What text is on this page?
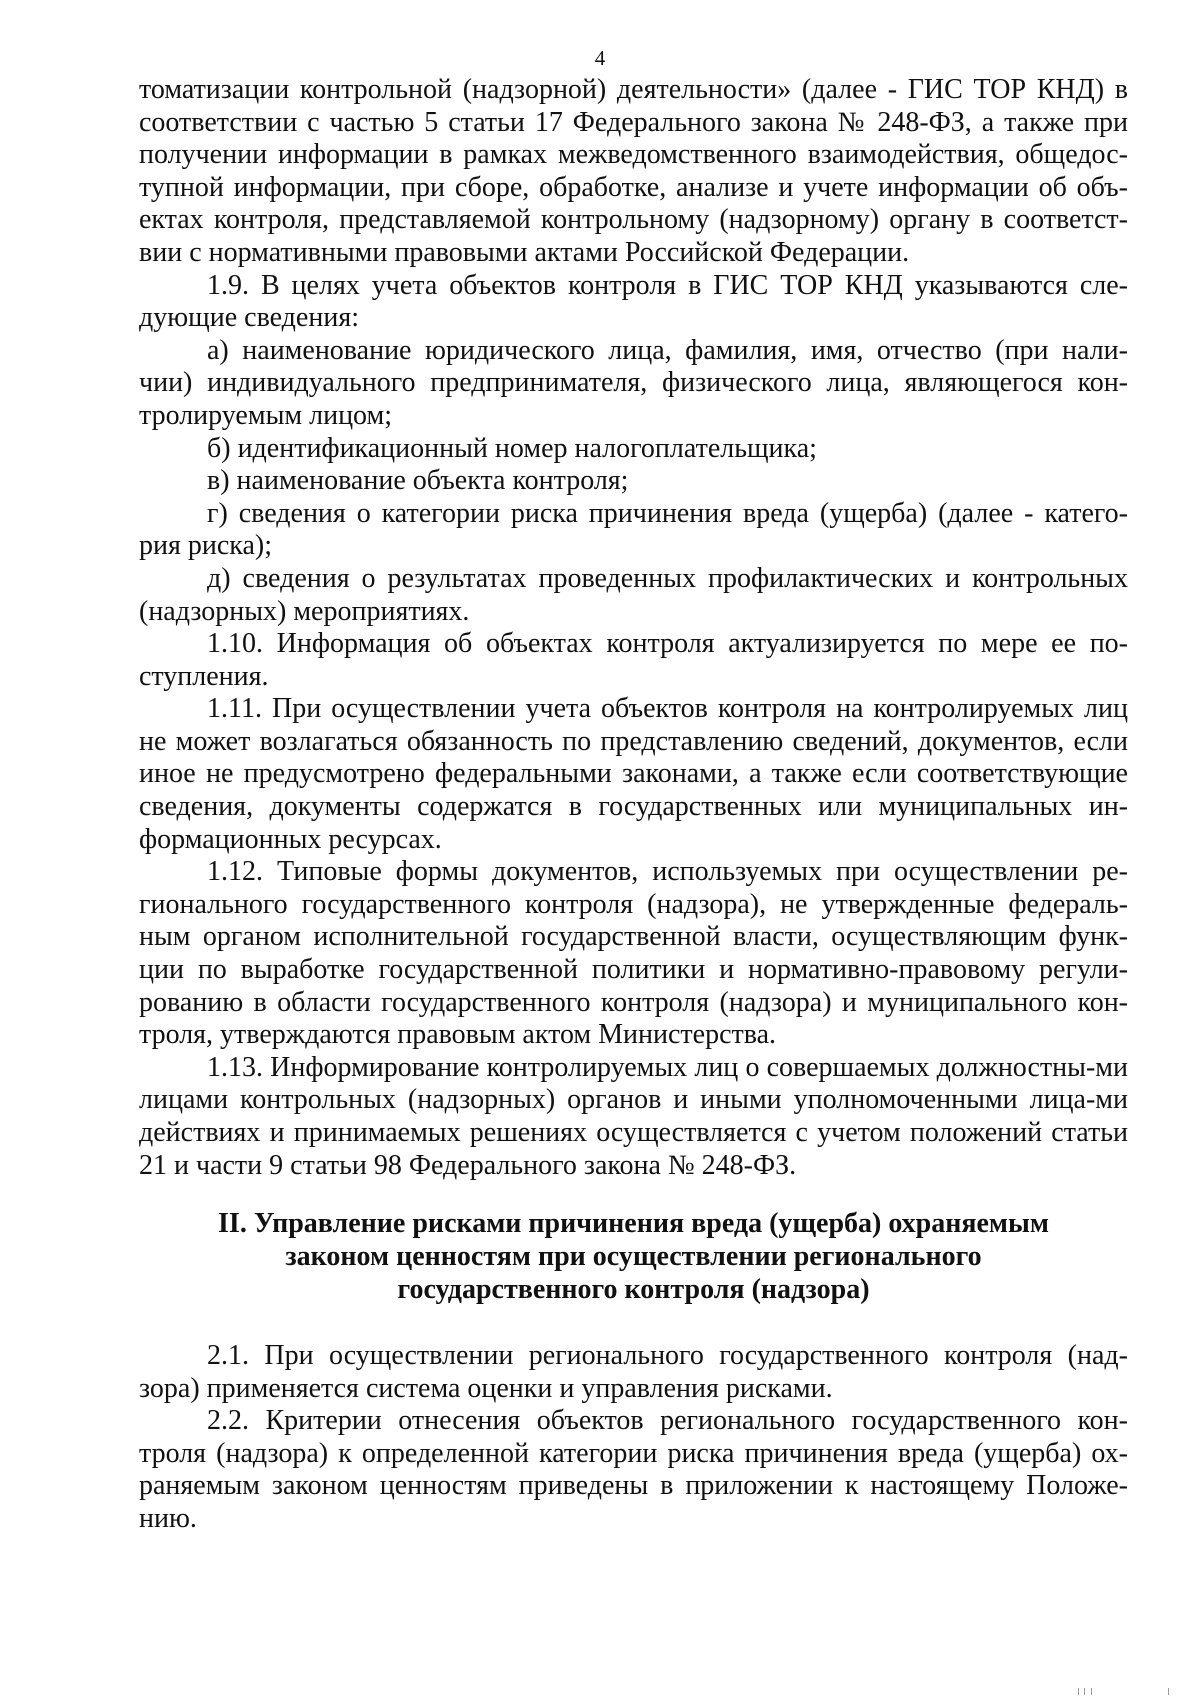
4

томатизации контрольной (надзорной) деятельности» (далее - ГИС ТОР КНД) в соответствии с частью 5 статьи 17 Федерального закона № 248-ФЗ, а также при получении информации в рамках межведомственного взаимодействия, общедос-тупной информации, при сборе, обработке, анализе и учете информации об объ-ектах контроля, представляемой контрольному (надзорному) органу в соответст-вии с нормативными правовыми актами Российской Федерации.

1.9. В целях учета объектов контроля в ГИС ТОР КНД указываются сле-дующие сведения:

а) наименование юридического лица, фамилия, имя, отчество (при нали-чии) индивидуального предпринимателя, физического лица, являющегося кон-тролируемым лицом;

б) идентификационный номер налогоплательщика;

в) наименование объекта контроля;

г) сведения о категории риска причинения вреда (ущерба) (далее - катего-рия риска);

д) сведения о результатах проведенных профилактических и контрольных (надзорных) мероприятиях.

1.10. Информация об объектах контроля актуализируется по мере ее по-ступления.

1.11. При осуществлении учета объектов контроля на контролируемых лиц не может возлагаться обязанность по представлению сведений, документов, если иное не предусмотрено федеральными законами, а также если соответствующие сведения, документы содержатся в государственных или муниципальных ин-формационных ресурсах.

1.12. Типовые формы документов, используемых при осуществлении ре-гионального государственного контроля (надзора), не утвержденные федераль-ным органом исполнительной государственной власти, осуществляющим функ-ции по выработке государственной политики и нормативно-правовому регули-рованию в области государственного контроля (надзора) и муниципального кон-троля, утверждаются правовым актом Министерства.

1.13. Информирование контролируемых лиц о совершаемых должностны-ми лицами контрольных (надзорных) органов и иными уполномоченными лица-ми действиях и принимаемых решениях осуществляется с учетом положений статьи 21 и части 9 статьи 98 Федерального закона № 248-ФЗ.

II. Управление рисками причинения вреда (ущерба) охраняемым
законом ценностям при осуществлении регионального
государственного контроля (надзора)

2.1. При осуществлении регионального государственного контроля (над-зора) применяется система оценки и управления рисками.

2.2. Критерии отнесения объектов регионального государственного кон-троля (надзора) к определенной категории риска причинения вреда (ущерба) ох-раняемым законом ценностям приведены в приложении к настоящему Положе-нию.
